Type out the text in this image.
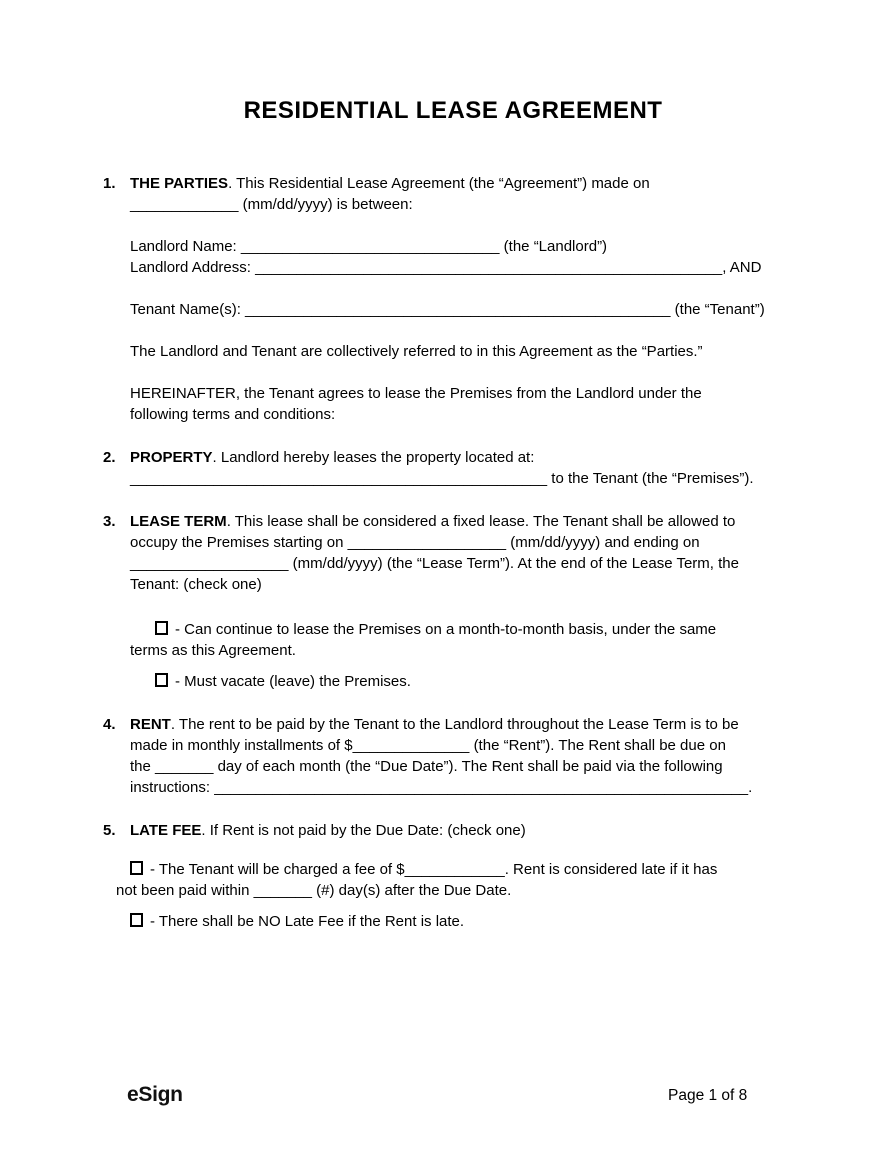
RESIDENTIAL LEASE AGREEMENT
1. THE PARTIES. This Residential Lease Agreement (the “Agreement”) made on
_____________ (mm/dd/yyyy) is between:
Landlord Name: _______________________________ (the “Landlord”)
Landlord Address: ________________________________________________________, AND
Tenant Name(s): ___________________________________________________ (the “Tenant”)
The Landlord and Tenant are collectively referred to in this Agreement as the “Parties.”
HEREINAFTER, the Tenant agrees to lease the Premises from the Landlord under the
following terms and conditions:
2. PROPERTY. Landlord hereby leases the property located at:
__________________________________________________ to the Tenant (the “Premises”).
3. LEASE TERM. This lease shall be considered a fixed lease. The Tenant shall be allowed to
occupy the Premises starting on ___________________ (mm/dd/yyyy) and ending on
___________________ (mm/dd/yyyy) (the “Lease Term”). At the end of the Lease Term, the
Tenant: (check one)
- Can continue to lease the Premises on a month-to-month basis, under the same
terms as this Agreement.
- Must vacate (leave) the Premises.
4. RENT. The rent to be paid by the Tenant to the Landlord throughout the Lease Term is to be
made in monthly installments of $______________ (the “Rent”). The Rent shall be due on
the _______ day of each month (the “Due Date”). The Rent shall be paid via the following
instructions: ________________________________________________________________.
5. LATE FEE. If Rent is not paid by the Due Date: (check one)
- The Tenant will be charged a fee of $____________. Rent is considered late if it has
not been paid within _______ (#) day(s) after the Due Date.
- There shall be NO Late Fee if the Rent is late.
eSign	Page 1 of 8
